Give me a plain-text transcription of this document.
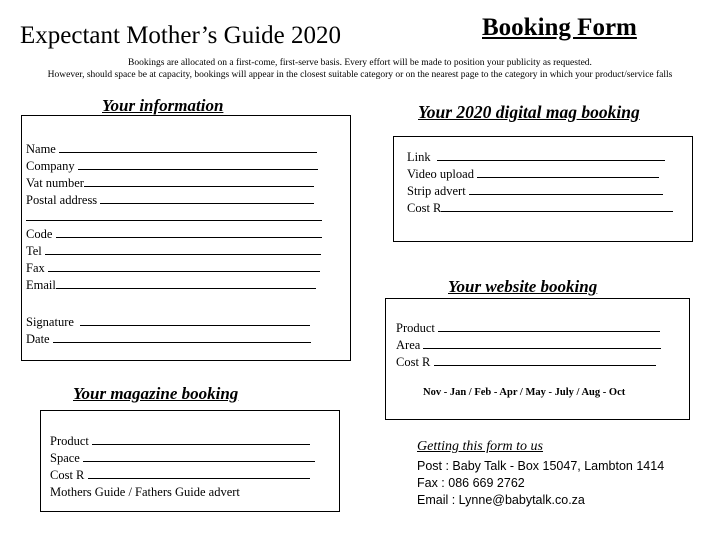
Expectant Mother’s Guide 2020	Booking Form
Bookings are allocated on a first-come, first-serve basis. Every effort will be made to position your publicity as requested.
However, should space be at capacity, bookings will appear in the closest suitable category or on the nearest page to the category in which your product/service falls
Your information
Name
Company
Vat number
Postal address
Code
Tel
Fax
Email
Signature
Date
Your 2020 digital mag booking
Link
Video upload
Strip advert
Cost R
Your website booking
Product
Area
Cost R
Nov - Jan / Feb - Apr / May - July / Aug - Oct
Your magazine booking
Product
Space
Cost R
Mothers Guide / Fathers Guide advert
Getting this form to us
Post : Baby Talk - Box 15047, Lambton 1414
Fax : 086 669 2762
Email : Lynne@babytalk.co.za
